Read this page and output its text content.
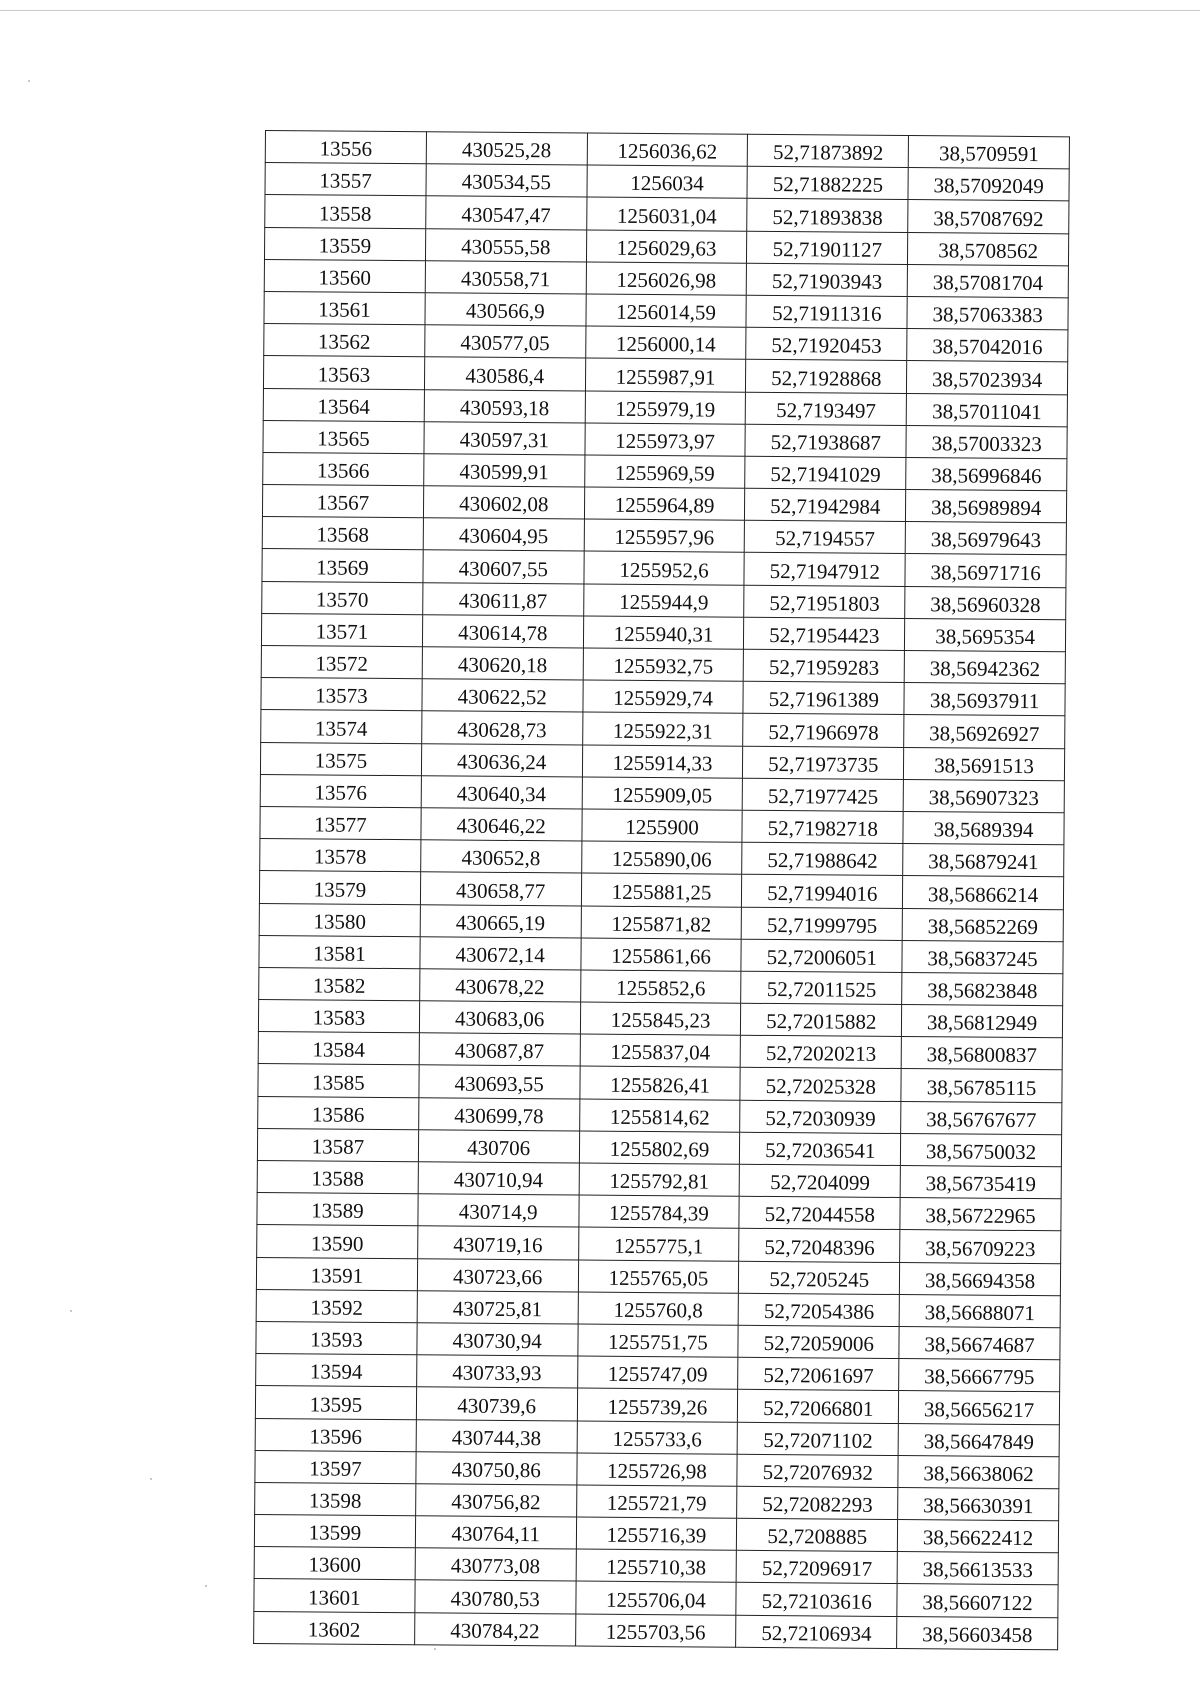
13556	430525,28	1256036,62	52,71873892	38,5709591
13557	430534,55	1256034	52,71882225	38,57092049
13558	430547,47	1256031,04	52,71893838	38,57087692
13559	430555,58	1256029,63	52,71901127	38,5708562
13560	430558,71	1256026,98	52,71903943	38,57081704
13561	430566,9	1256014,59	52,71911316	38,57063383
13562	430577,05	1256000,14	52,71920453	38,57042016
13563	430586,4	1255987,91	52,71928868	38,57023934
13564	430593,18	1255979,19	52,7193497	38,57011041
13565	430597,31	1255973,97	52,71938687	38,57003323
13566	430599,91	1255969,59	52,71941029	38,56996846
13567	430602,08	1255964,89	52,71942984	38,56989894
13568	430604,95	1255957,96	52,7194557	38,56979643
13569	430607,55	1255952,6	52,71947912	38,56971716
13570	430611,87	1255944,9	52,71951803	38,56960328
13571	430614,78	1255940,31	52,71954423	38,5695354
13572	430620,18	1255932,75	52,71959283	38,56942362
13573	430622,52	1255929,74	52,71961389	38,56937911
13574	430628,73	1255922,31	52,71966978	38,56926927
13575	430636,24	1255914,33	52,71973735	38,5691513
13576	430640,34	1255909,05	52,71977425	38,56907323
13577	430646,22	1255900	52,71982718	38,5689394
13578	430652,8	1255890,06	52,71988642	38,56879241
13579	430658,77	1255881,25	52,71994016	38,56866214
13580	430665,19	1255871,82	52,71999795	38,56852269
13581	430672,14	1255861,66	52,72006051	38,56837245
13582	430678,22	1255852,6	52,72011525	38,56823848
13583	430683,06	1255845,23	52,72015882	38,56812949
13584	430687,87	1255837,04	52,72020213	38,56800837
13585	430693,55	1255826,41	52,72025328	38,56785115
13586	430699,78	1255814,62	52,72030939	38,56767677
13587	430706	1255802,69	52,72036541	38,56750032
13588	430710,94	1255792,81	52,7204099	38,56735419
13589	430714,9	1255784,39	52,72044558	38,56722965
13590	430719,16	1255775,1	52,72048396	38,56709223
13591	430723,66	1255765,05	52,7205245	38,56694358
13592	430725,81	1255760,8	52,72054386	38,56688071
13593	430730,94	1255751,75	52,72059006	38,56674687
13594	430733,93	1255747,09	52,72061697	38,56667795
13595	430739,6	1255739,26	52,72066801	38,56656217
13596	430744,38	1255733,6	52,72071102	38,56647849
13597	430750,86	1255726,98	52,72076932	38,56638062
13598	430756,82	1255721,79	52,72082293	38,56630391
13599	430764,11	1255716,39	52,7208885	38,56622412
13600	430773,08	1255710,38	52,72096917	38,56613533
13601	430780,53	1255706,04	52,72103616	38,56607122
13602	430784,22	1255703,56	52,72106934	38,56603458
